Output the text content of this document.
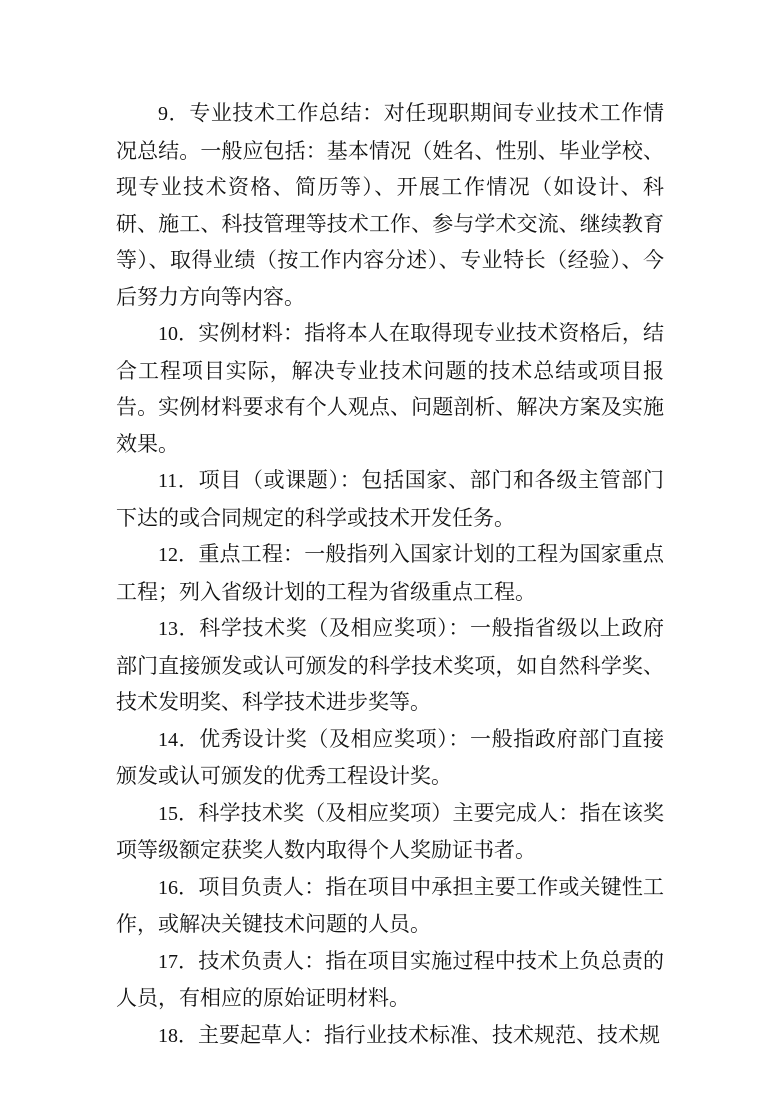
9．专业技术工作总结：对任现职期间专业技术工作情况总结。一般应包括：基本情况（姓名、性别、毕业学校、现专业技术资格、简历等）、开展工作情况（如设计、科研、施工、科技管理等技术工作、参与学术交流、继续教育等）、取得业绩（按工作内容分述）、专业特长（经验）、今后努力方向等内容。

10．实例材料：指将本人在取得现专业技术资格后，结合工程项目实际，解决专业技术问题的技术总结或项目报告。实例材料要求有个人观点、问题剖析、解决方案及实施效果。

11．项目（或课题）：包括国家、部门和各级主管部门下达的或合同规定的科学或技术开发任务。

12．重点工程：一般指列入国家计划的工程为国家重点工程；列入省级计划的工程为省级重点工程。

13．科学技术奖（及相应奖项）：一般指省级以上政府部门直接颁发或认可颁发的科学技术奖项，如自然科学奖、技术发明奖、科学技术进步奖等。

14．优秀设计奖（及相应奖项）：一般指政府部门直接颁发或认可颁发的优秀工程设计奖。

15．科学技术奖（及相应奖项）主要完成人：指在该奖项等级额定获奖人数内取得个人奖励证书者。

16．项目负责人：指在项目中承担主要工作或关键性工作，或解决关键技术问题的人员。

17．技术负责人：指在项目实施过程中技术上负总责的人员，有相应的原始证明材料。

18．主要起草人：指行业技术标准、技术规范、技术规
